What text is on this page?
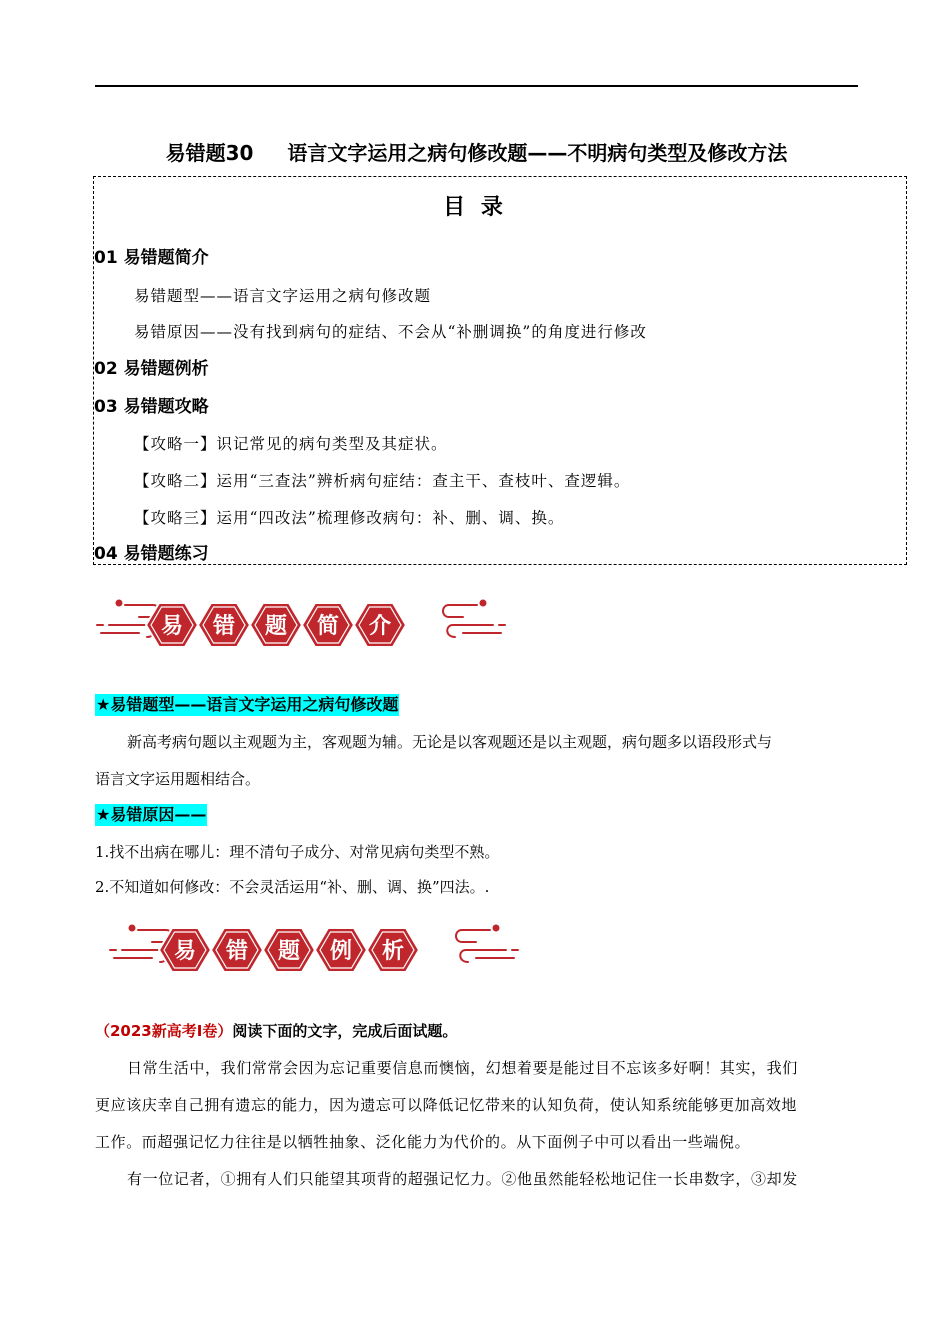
易错题30 语言文字运用之病句修改题——不明病句类型及修改方法
目 录
01 易错题简介
易错题型——语言文字运用之病句修改题
易错原因——没有找到病句的症结、不会从“补删调换”的角度进行修改
02 易错题例析
03 易错题攻略
【攻略一】识记常见的病句类型及其症状。
【攻略二】运用“三查法”辨析病句症结：查主干、查枝叶、查逻辑。
【攻略三】运用“四改法”梳理修改病句：补、删、调、换。
04 易错题练习
易 错 题 简 介
★易错题型——语言文字运用之病句修改题
新高考病句题以主观题为主，客观题为辅。无论是以客观题还是以主观题，病句题多以语段形式与
语言文字运用题相结合。
★易错原因——
1.找不出病在哪儿：理不清句子成分、对常见病句类型不熟。
2.不知道如何修改：不会灵活运用“补、删、调、换”四法。.
易 错 题 例 析
（2023新高考Ⅰ卷）阅读下面的文字，完成后面试题。
日常生活中，我们常常会因为忘记重要信息而懊恼，幻想着要是能过目不忘该多好啊！其实，我们
更应该庆幸自己拥有遗忘的能力，因为遗忘可以降低记忆带来的认知负荷，使认知系统能够更加高效地
工作。而超强记忆力往往是以牺牲抽象、泛化能力为代价的。从下面例子中可以看出一些端倪。
有一位记者，①拥有人们只能望其项背的超强记忆力。②他虽然能轻松地记住一长串数字，③却发
